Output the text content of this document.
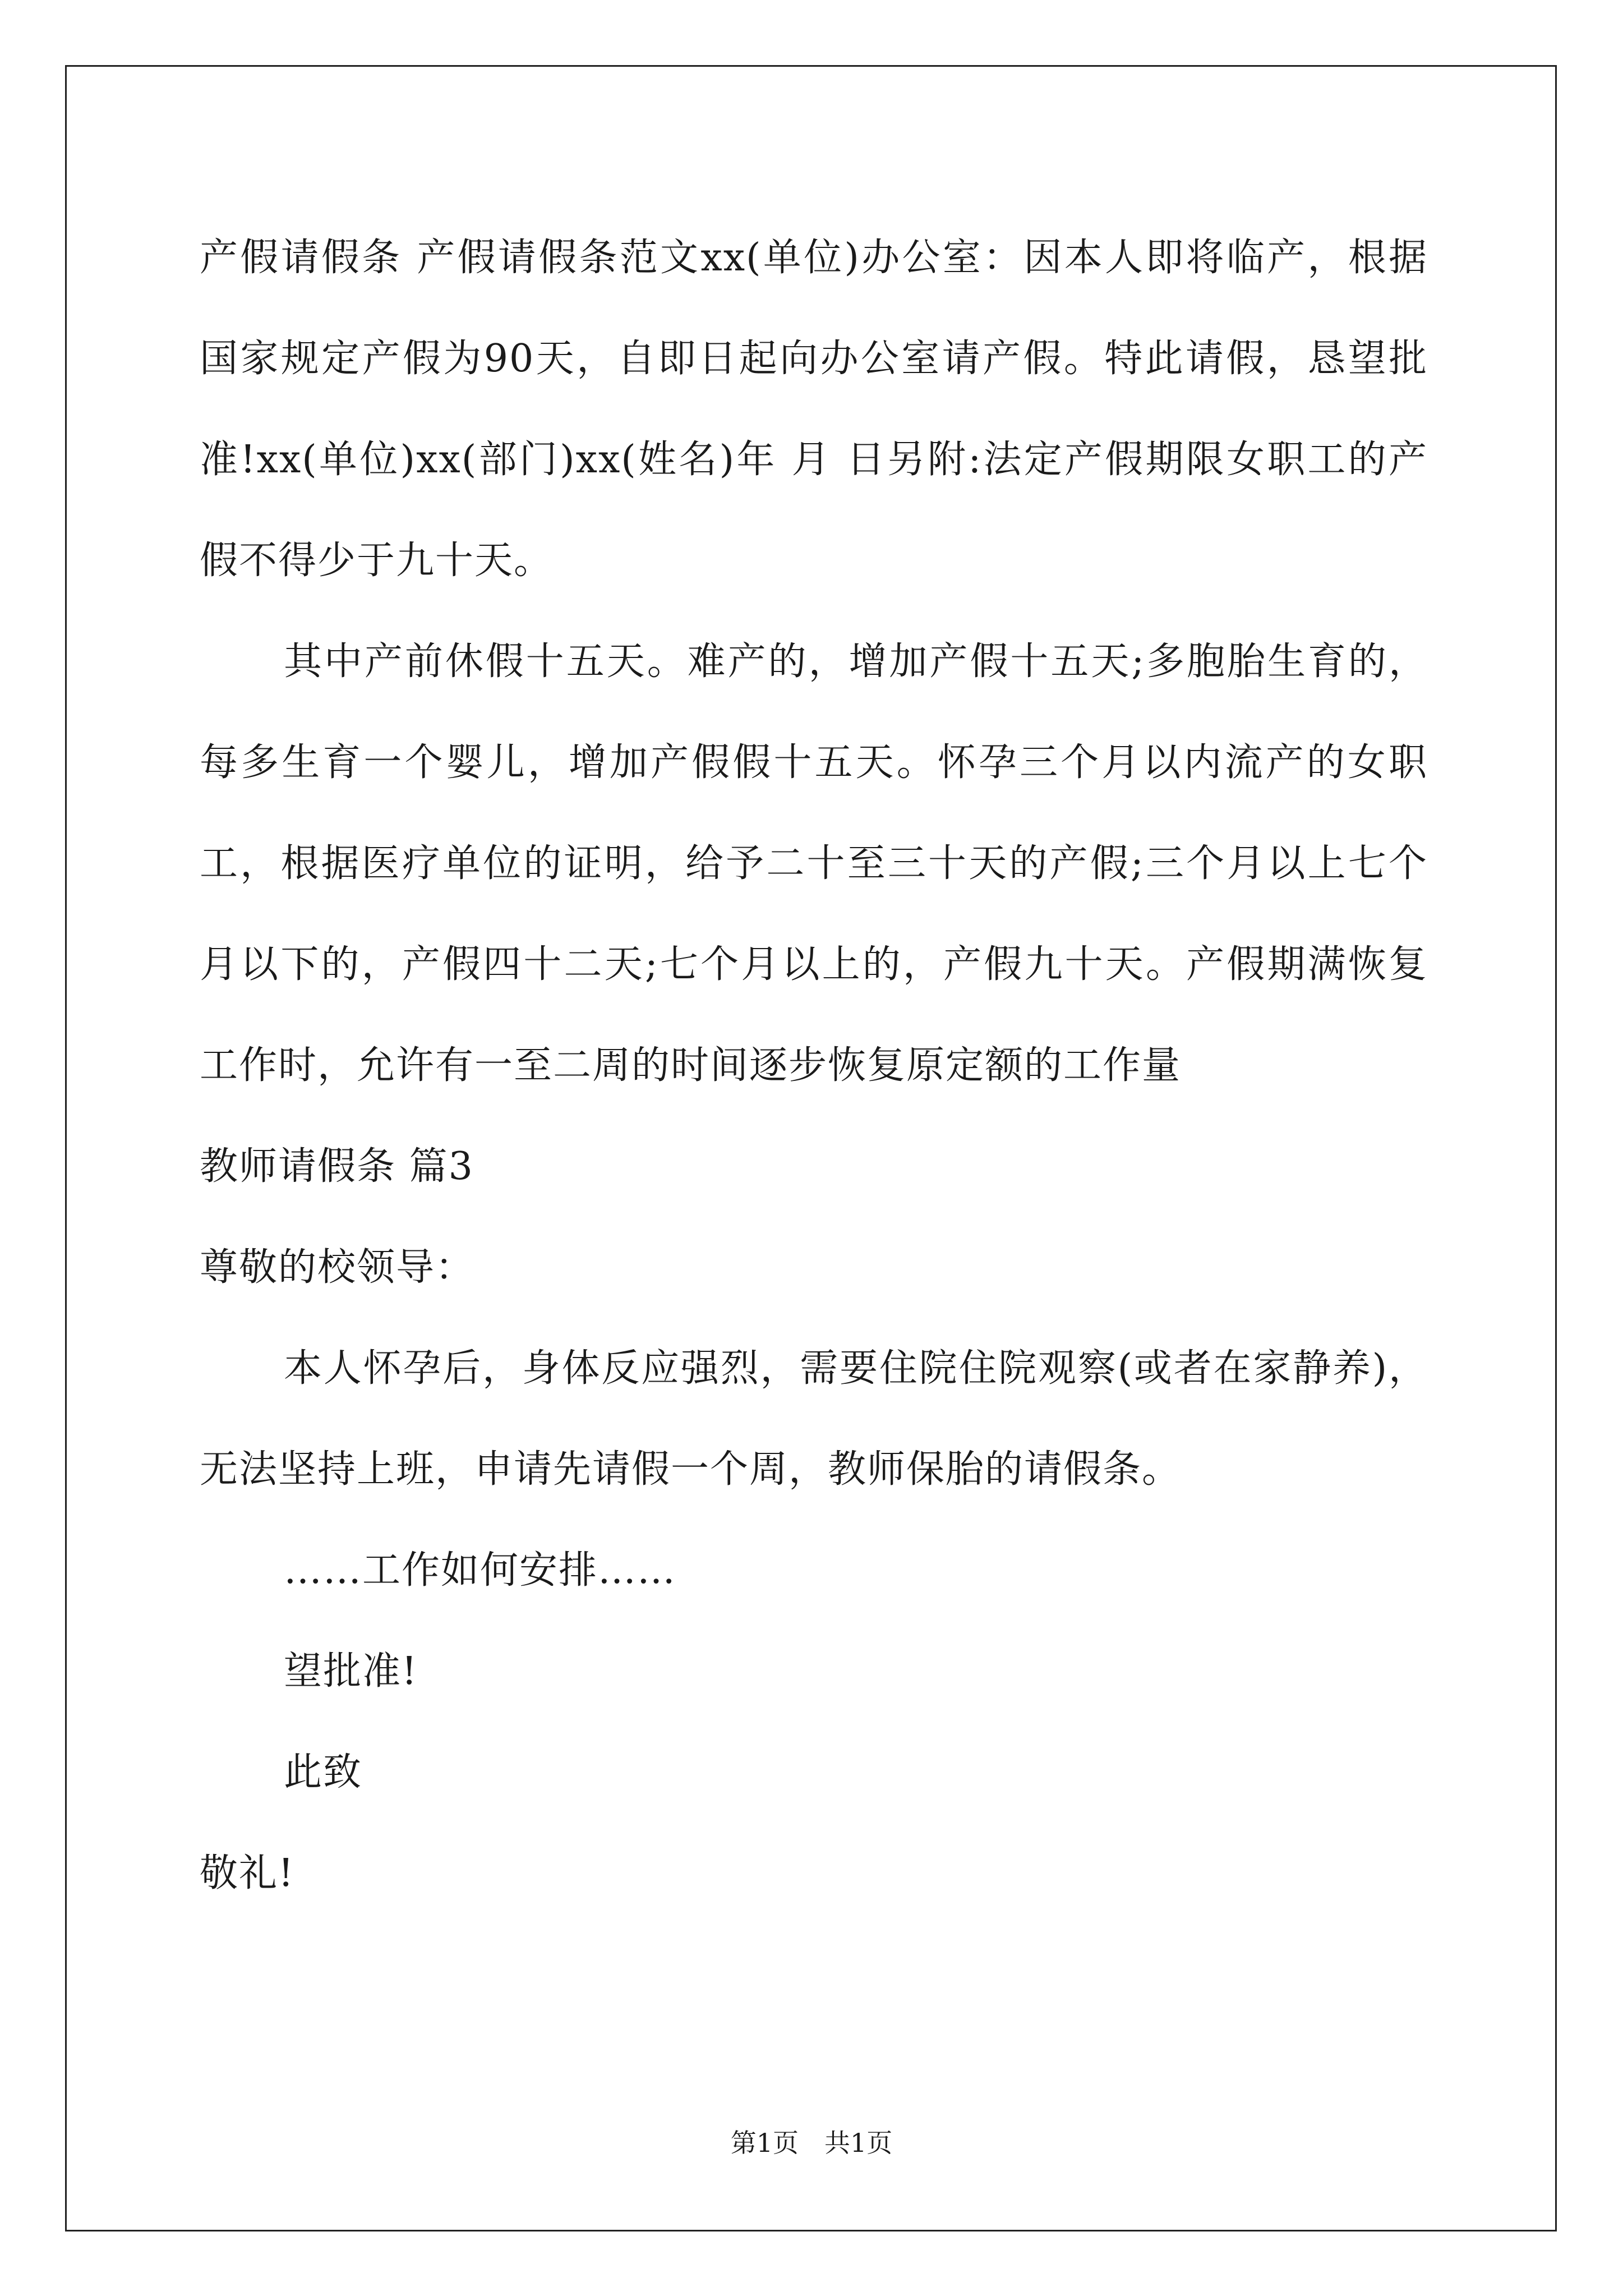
产假请假条 产假请假条范文xx(单位)办公室：因本人即将临产，根据国家规定产假为90天，自即日起向办公室请产假。特此请假，恳望批准!xx(单位)xx(部门)xx(姓名)年 月 日另附:法定产假期限女职工的产假不得少于九十天。

其中产前休假十五天。难产的，增加产假十五天;多胞胎生育的，每多生育一个婴儿，增加产假假十五天。怀孕三个月以内流产的女职工，根据医疗单位的证明，给予二十至三十天的产假;三个月以上七个月以下的，产假四十二天;七个月以上的，产假九十天。产假期满恢复工作时，允许有一至二周的时间逐步恢复原定额的工作量

教师请假条 篇3

尊敬的校领导：

本人怀孕后，身体反应强烈，需要住院住院观察(或者在家静养)，无法坚持上班，申请先请假一个周，教师保胎的请假条。

……工作如何安排……

望批准!

此致

敬礼!

第1页　共1页
